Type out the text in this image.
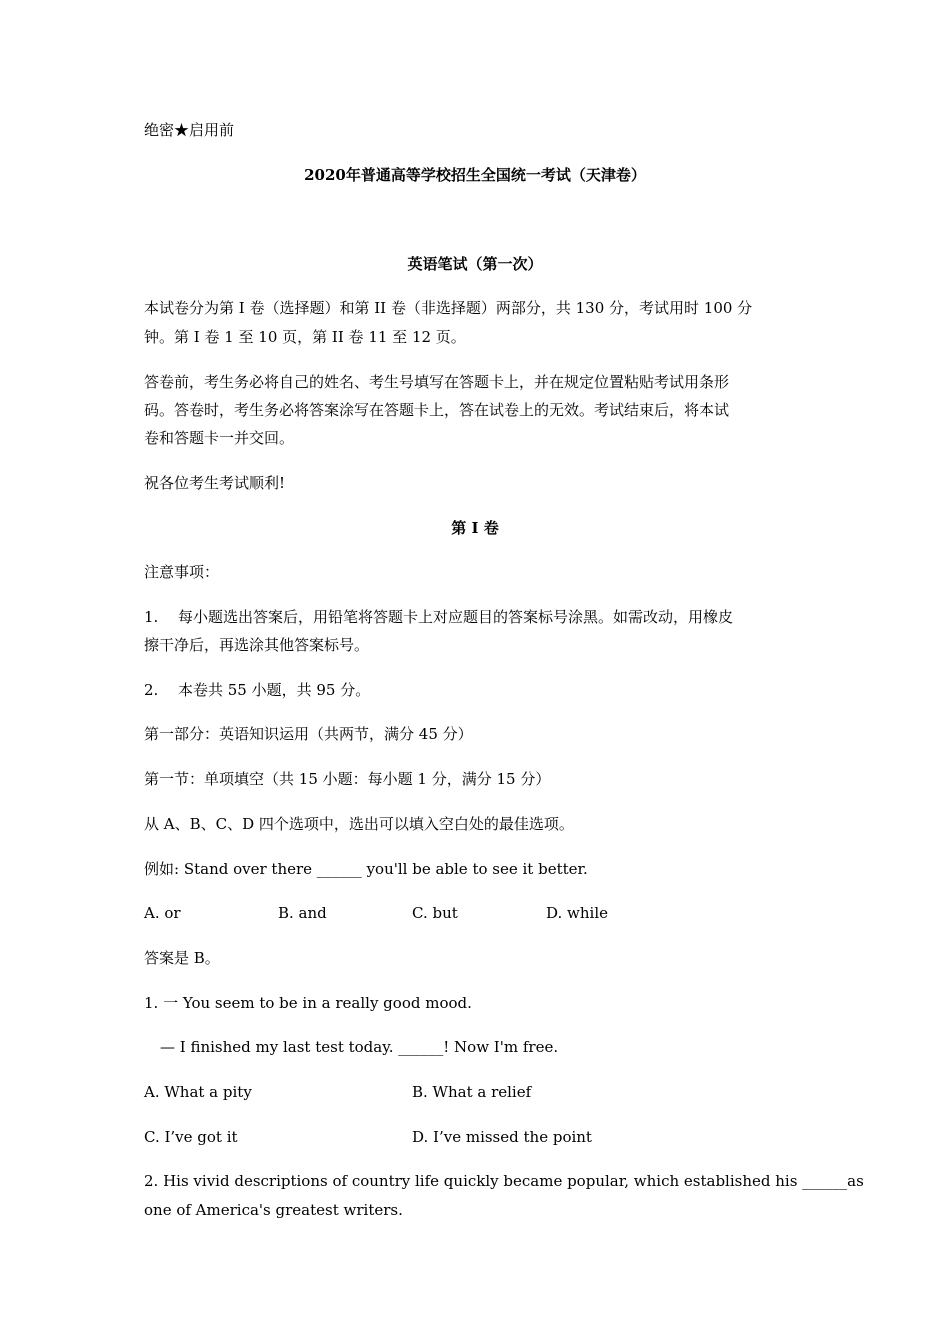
绝密★启用前
2020年普通高等学校招生全国统一考试（天津卷）
英语笔试（第一次）
本试卷分为第 I 卷（选择题）和第 II 卷（非选择题）两部分，共 130 分，考试用时 100 分
钟。第 I 卷 1 至 10 页，第 II 卷 11 至 12 页。
答卷前，考生务必将自己的姓名、考生号填写在答题卡上，并在规定位置粘贴考试用条形
码。答卷时，考生务必将答案涂写在答题卡上，答在试卷上的无效。考试结束后，将本试
卷和答题卡一并交回。
祝各位考生考试顺利!
第 I 卷
注意事项：
1. 每小题选出答案后，用铅笔将答题卡上对应题目的答案标号涂黑。如需改动，用橡皮
擦干净后，再选涂其他答案标号。
2. 本卷共 55 小题，共 95 分。
第一部分：英语知识运用（共两节，满分 45 分）
第一节：单项填空（共 15 小题：每小题 1 分，满分 15 分）
从 A、B、C、D 四个选项中，选出可以填入空白处的最佳选项。
例如: Stand over there ______ you'll be able to see it better.
A. or	B. and	C. but	D. while
答案是 B。
1. 一 You seem to be in a really good mood.
— I finished my last test today. ______! Now I'm free.
A. What a pity	B. What a relief
C. I’ve got it	D. I’ve missed the point
2. His vivid descriptions of country life quickly became popular, which established his ______as
one of America's greatest writers.
